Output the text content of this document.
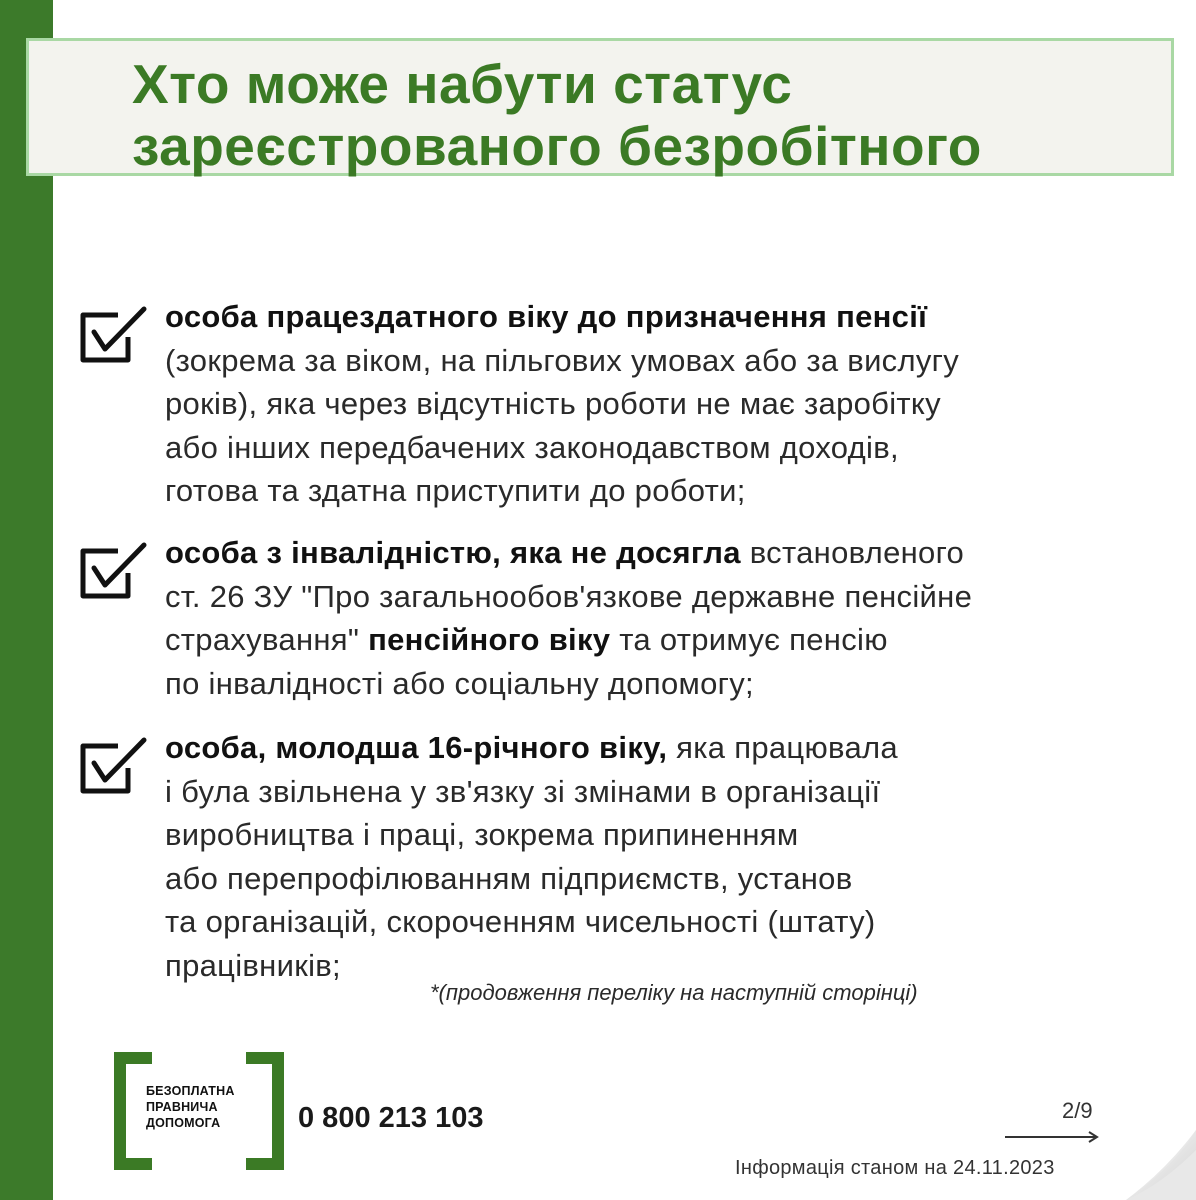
Хто може набути статус
зареєстрованого безробітного

особа працездатного віку до призначення пенсії
(зокрема за віком, на пільгових умовах або за вислугу
років), яка через відсутність роботи не має заробітку
або інших передбачених законодавством доходів,
готова та здатна приступити до роботи;

особа з інвалідністю, яка не досягла встановленого
ст. 26 ЗУ "Про загальнообов'язкове державне пенсійне
страхування" пенсійного віку та отримує пенсію
по інвалідності або соціальну допомогу;

особа, молодша 16-річного віку, яка працювала
і була звільнена у зв'язку зі змінами в організації
виробництва і праці, зокрема припиненням
або перепрофілюванням підприємств, установ
та організацій, скороченням чисельності (штату)
працівників;

*(продовження переліку на наступній сторінці)
БЕЗОПЛАТНА
ПРАВНИЧА
ДОПОМОГА	0 800 213 103	2/9
Інформація станом на 24.11.2023
